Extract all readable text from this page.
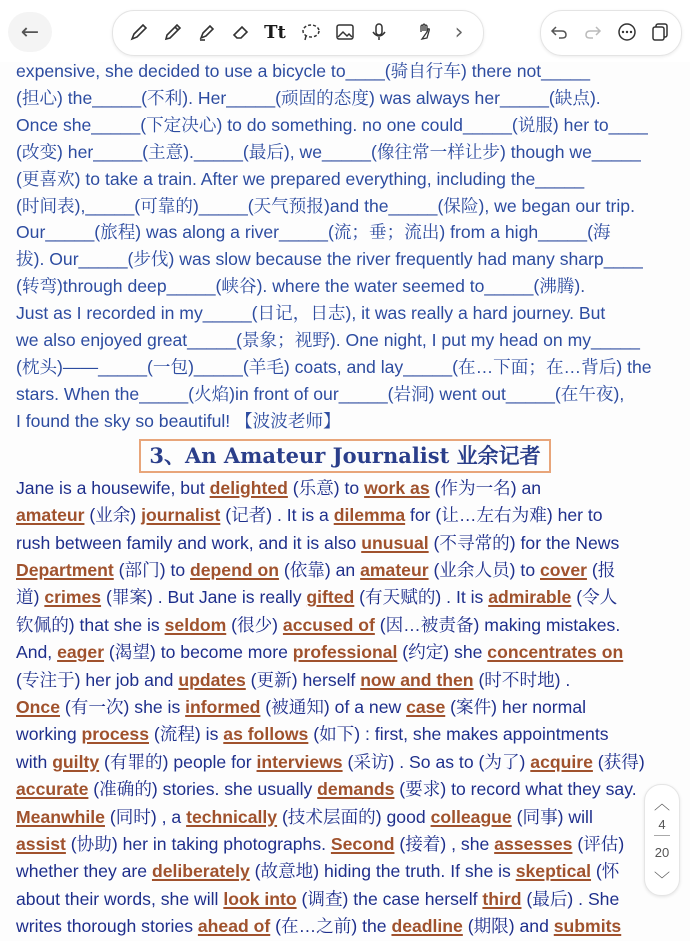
←	Tt	›

expensive, she decided to use a bicycle to____(骑自行车) there not_____

(担心) the_____(不利). Her_____(顽固的态度) was always her_____(缺点).

Once she_____(下定决心) to do something. no one could_____(说服) her to____

(改变) her_____(主意)._____(最后), we_____(像往常一样让步) though we_____

(更喜欢) to take a train. After we prepared everything, including the_____

(时间表),_____(可靠的)_____(天气预报)and the_____(保险), we began our trip.

Our_____(旅程) was along a river_____(流；垂；流出) from a high_____(海

拔). Our_____(步伐) was slow because the river frequently had many sharp____

(转弯)through deep_____(峡谷). where the water seemed to_____(沸腾).

Just as I recorded in my_____(日记，日志), it was really a hard journey. But

we also enjoyed great_____(景象；视野). One night, I put my head on my_____

(枕头)——_____(一包)_____(羊毛) coats, and lay_____(在…下面；在…背后) the

stars. When the_____(火焰)in front of our_____(岩洞) went out_____(在午夜),

I found the sky so beautiful! 【波波老师】

3、An Amateur Journalist 业余记者

Jane is a housewife, but delighted (乐意) to work as (作为一名) an

amateur (业余) journalist (记者) . It is a dilemma for (让…左右为难) her to

rush between family and work, and it is also unusual (不寻常的) for the News

Department (部门) to depend on (依靠) an amateur (业余人员) to cover (报

道) crimes (罪案) . But Jane is really gifted (有天赋的) . It is admirable (令人

钦佩的) that she is seldom (很少) accused of (因…被责备) making mistakes.

And, eager (渴望) to become more professional (约定) she concentrates on

(专注于) her job and updates (更新) herself now and then (时不时地) .

Once (有一次) she is informed (被通知) of a new case (案件) her normal

working process (流程) is as follows (如下) : first, she makes appointments

with guilty (有罪的) people for interviews (采访) . So as to (为了) acquire (获得)

accurate (准确的) stories. she usually demands (要求) to record what they say.

Meanwhile (同时) , a technically (技术层面的) good colleague (同事) will

assist (协助) her in taking photographs. Second (接着) , she assesses (评估)

whether they are deliberately (故意地) hiding the truth. If she is skeptical (怀

about their words, she will look into (调查) the case herself third (最后) . She

writes thorough stories ahead of (在…之前) the deadline (期限) and submits

︿
4
20
﹀
